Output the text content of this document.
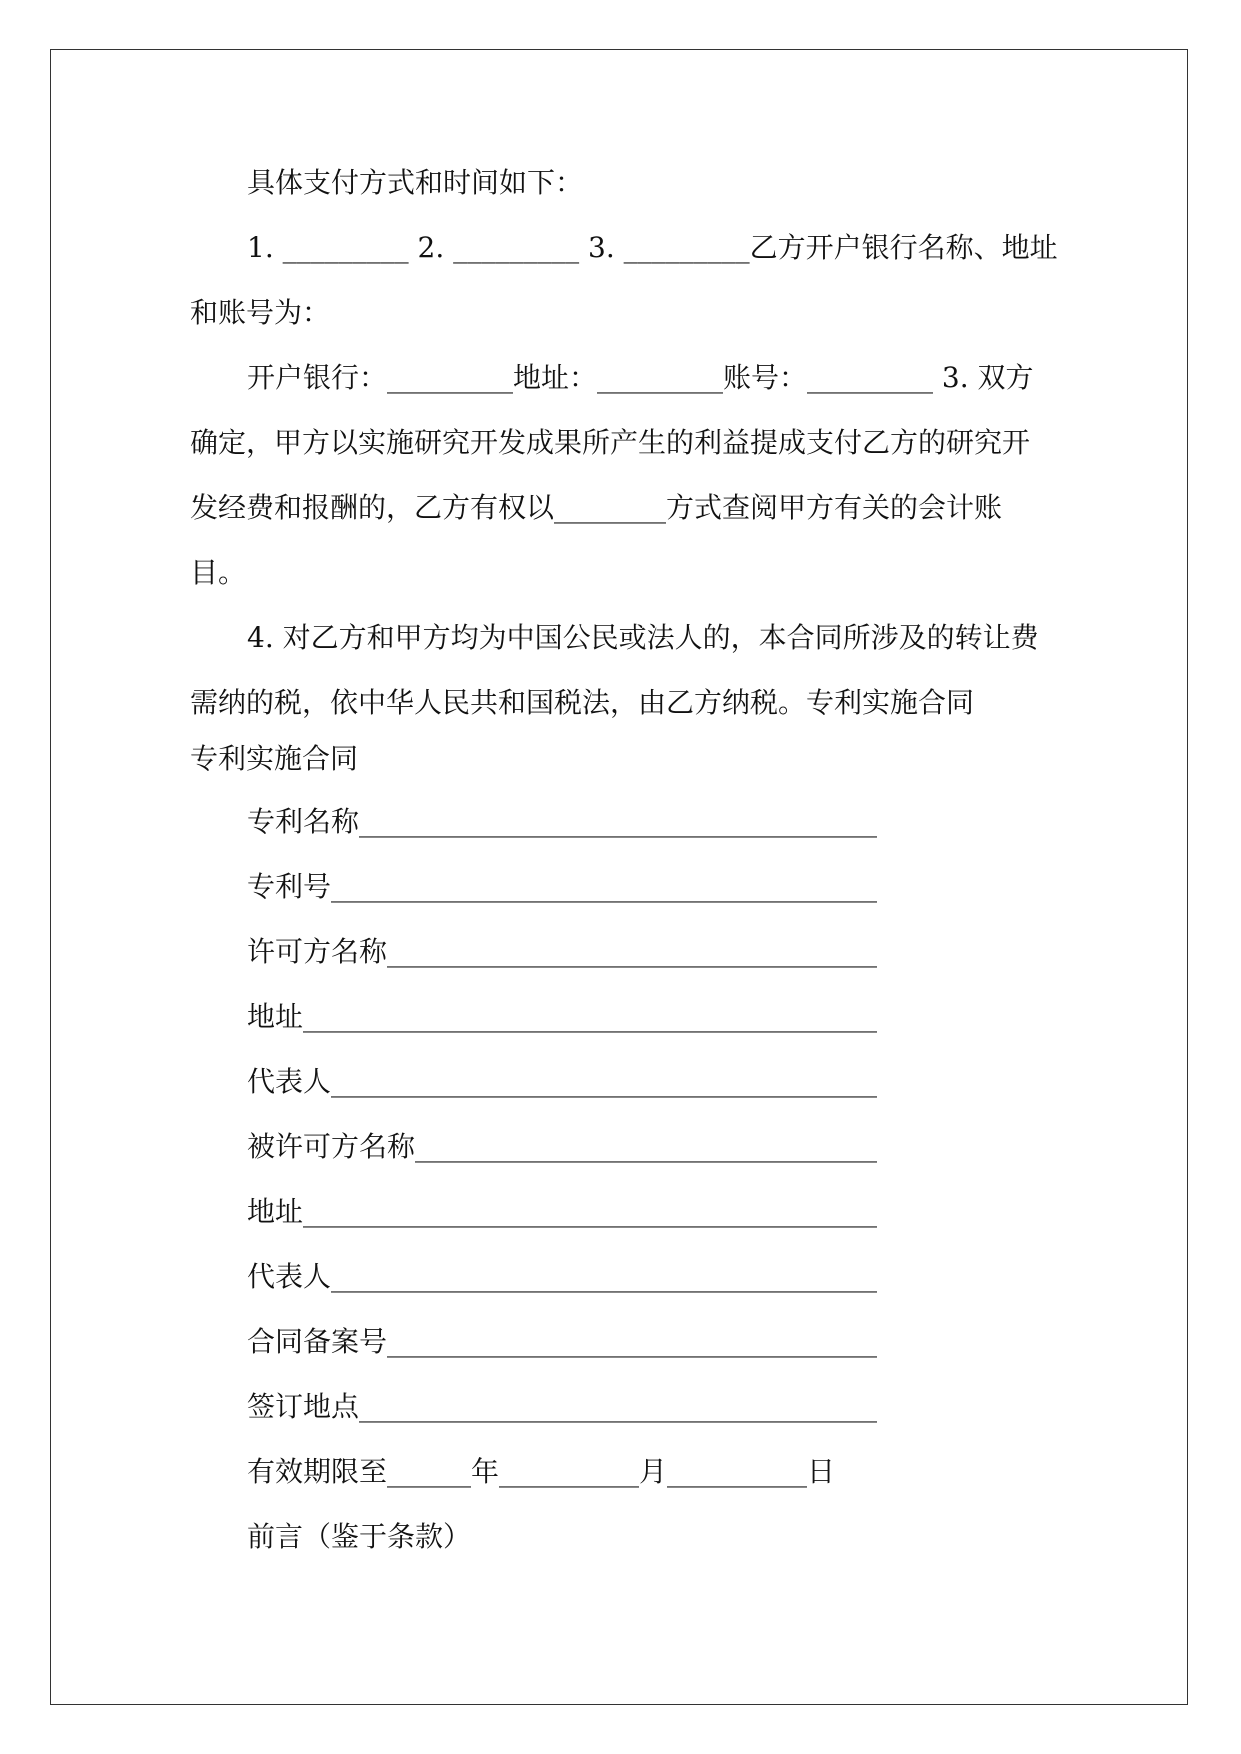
具体支付方式和时间如下：

1. _________ 2. _________ 3. _________乙方开户银行名称、地址

和账号为：

开户银行：_________地址：_________账号：_________ 3. 双方

确定，甲方以实施研究开发成果所产生的利益提成支付乙方的研究开

发经费和报酬的，乙方有权以________方式查阅甲方有关的会计账

目。

4. 对乙方和甲方均为中国公民或法人的，本合同所涉及的转让费

需纳的税，依中华人民共和国税法，由乙方纳税。专利实施合同

专利实施合同

专利名称_____________________________________
专利号_______________________________________
许可方名称___________________________________
地址_________________________________________
代表人_______________________________________
被许可方名称_________________________________
地址_________________________________________
代表人_______________________________________
合同备案号___________________________________
签订地点_____________________________________

有效期限至______年__________月__________日

前言（鉴于条款）
